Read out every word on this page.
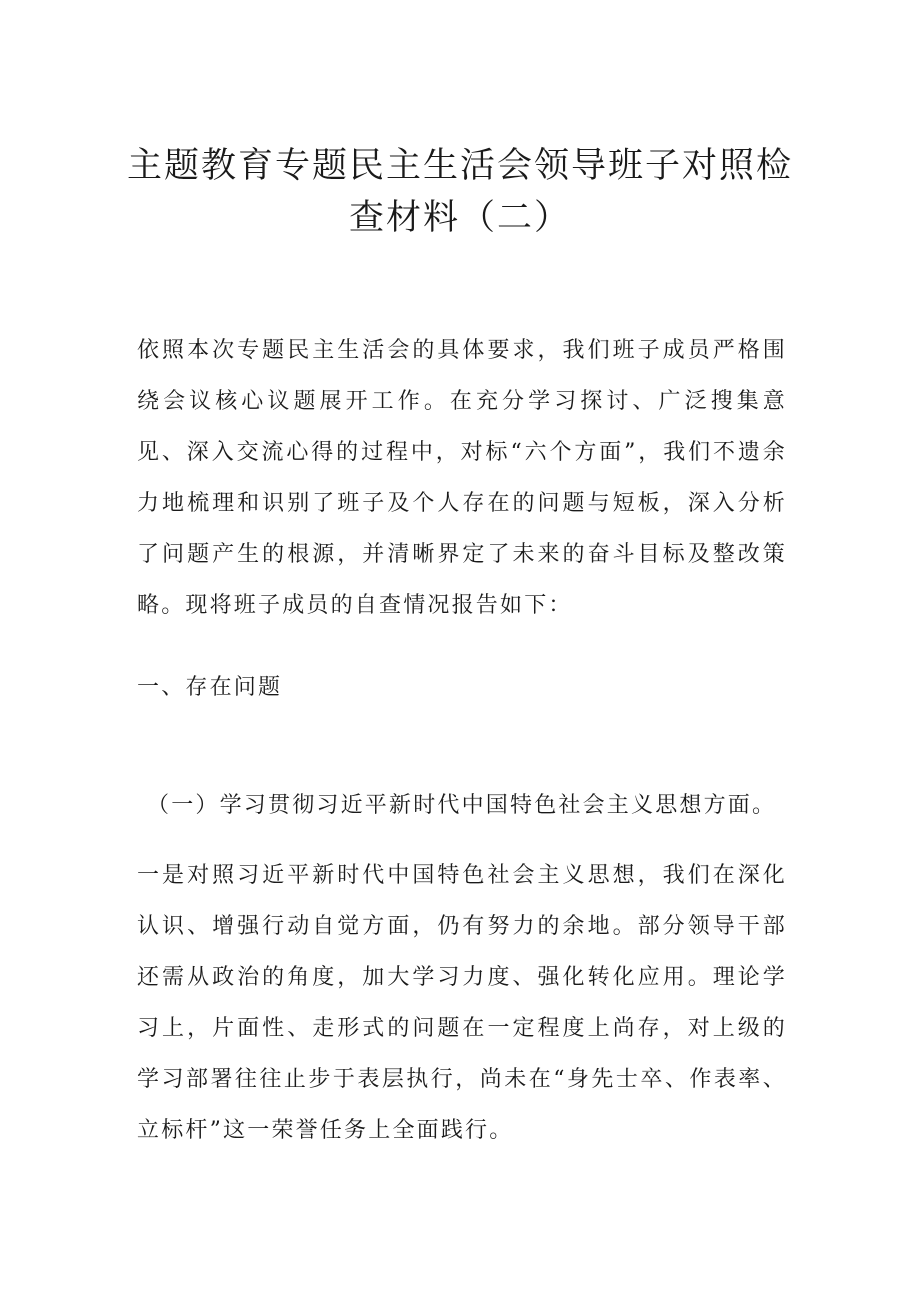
主题教育专题民主生活会领导班子对照检
查材料（二）

依照本次专题民主生活会的具体要求，我们班子成员严格围绕会议核心议题展开工作。在充分学习探讨、广泛搜集意见、深入交流心得的过程中，对标“六个方面”，我们不遗余力地梳理和识别了班子及个人存在的问题与短板，深入分析了问题产生的根源，并清晰界定了未来的奋斗目标及整改策略。现将班子成员的自查情况报告如下：

一、存在问题

（一）学习贯彻习近平新时代中国特色社会主义思想方面。

一是对照习近平新时代中国特色社会主义思想，我们在深化认识、增强行动自觉方面，仍有努力的余地。部分领导干部还需从政治的角度，加大学习力度、强化转化应用。理论学习上，片面性、走形式的问题在一定程度上尚存，对上级的学习部署往往止步于表层执行，尚未在“身先士卒、作表率、立标杆”这一荣誉任务上全面践行。
